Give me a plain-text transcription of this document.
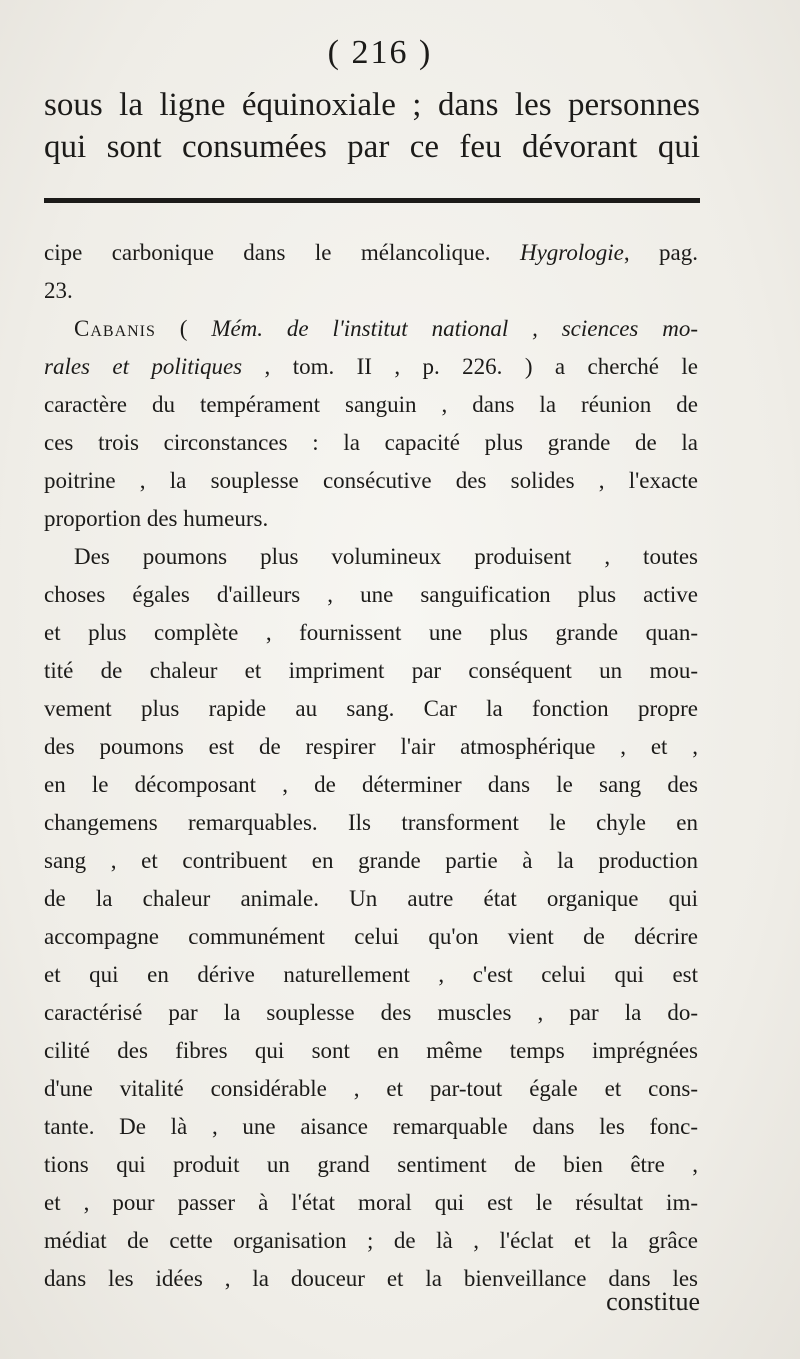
( 216 )
sous la ligne équinoxiale ; dans les personnes
qui sont consumées par ce feu dévorant qui
cipe carbonique dans le mélancolique. Hygrologie, pag.
23.
Cabanis ( Mém. de l'institut national , sciences mo-
rales et politiques , tom. II , p. 226. ) a cherché le
caractère du tempérament sanguin , dans la réunion de
ces trois circonstances : la capacité plus grande de la
poitrine , la souplesse consécutive des solides , l'exacte
proportion des humeurs.
Des poumons plus volumineux produisent , toutes
choses égales d'ailleurs , une sanguification plus active
et plus complète , fournissent une plus grande quan-
tité de chaleur et impriment par conséquent un mou-
vement plus rapide au sang. Car la fonction propre
des poumons est de respirer l'air atmosphérique , et ,
en le décomposant , de déterminer dans le sang des
changemens remarquables. Ils transforment le chyle en
sang , et contribuent en grande partie à la production
de la chaleur animale. Un autre état organique qui
accompagne communément celui qu'on vient de décrire
et qui en dérive naturellement , c'est celui qui est
caractérisé par la souplesse des muscles , par la do-
cilité des fibres qui sont en même temps imprégnées
d'une vitalité considérable , et par-tout égale et cons-
tante. De là , une aisance remarquable dans les fonc-
tions qui produit un grand sentiment de bien être ,
et , pour passer à l'état moral qui est le résultat im-
médiat de cette organisation ; de là , l'éclat et la grâce
dans les idées , la douceur et la bienveillance dans les
constitue
